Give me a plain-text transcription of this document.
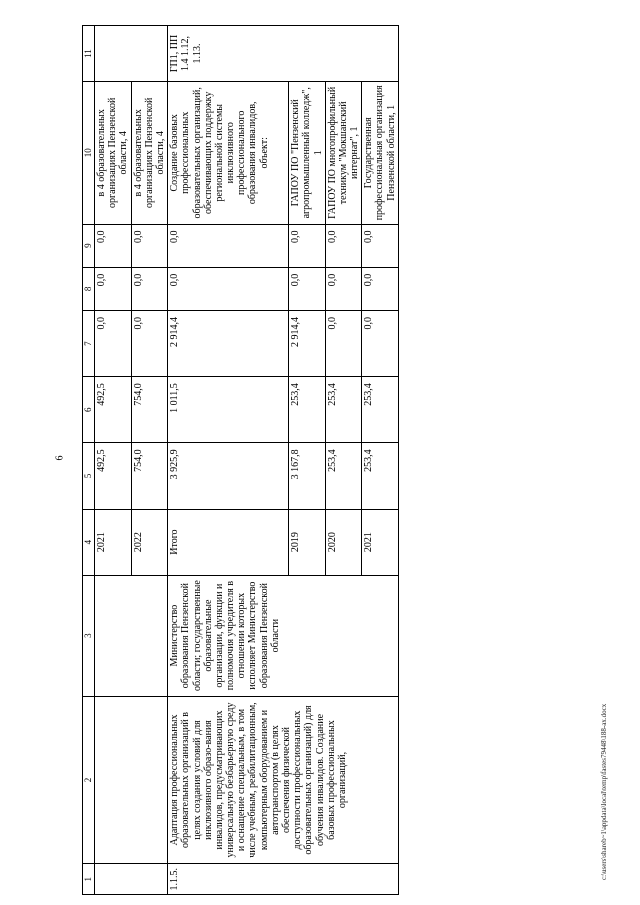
6
1	2	3	4	5	6	7	8	9	10	11
			2021	492,5	492,5	0,0	0,0	0,0	в 4 образовательных организациях Пензенской области, 4	
			2022	754,0	754,0	0,0	0,0	0,0	в 4 образовательных организациях Пензенской области, 4	
1.1.5.	Адаптация профессиональных образовательных организаций в целях создания условий для инклюзивного образо-вания инвалидов, предусматривающих универсальную безбарьерную среду и оснащение специальным, в том числе учебным, реабилитационным, компьютерным оборудованием и автотранспортом (в целях обеспечения физической доступности профессиональных образовательных организаций) для обучения инвалидов. Создание базовых профессиональных организаций,	Министерство образования Пензенской области; государственные образовательные организации, функции и полномочия учредителя в отношении которых исполняет Министерство образования Пензенской области	Итого	3 925,9	1 011,5	2 914,4	0,0	0,0	Создание базовых профессиональных образовательных организаций, обеспечивающих поддержку региональной системы инклюзивного профессионального образования инвалидов, объект:	ГП1, ПП 1.4 1.12, 1.13.
			2019	3 167,8	253,4	2 914,4	0,0	0,0	ГАПОУ ПО "Пензенский агропромышленный колледж", 1	
			2020	253,4	253,4	0,0	0,0	0,0	ГАПОУ ПО многопрофильный техникум "Мокшанский интернат", 1	
			2021	253,4	253,4	0,0	0,0	0,0	Государственная профессиональная организация Пензенской области, 1	
c:\users\shareb~1\appdata\local\temp\fastes79448\188-ax.docx
